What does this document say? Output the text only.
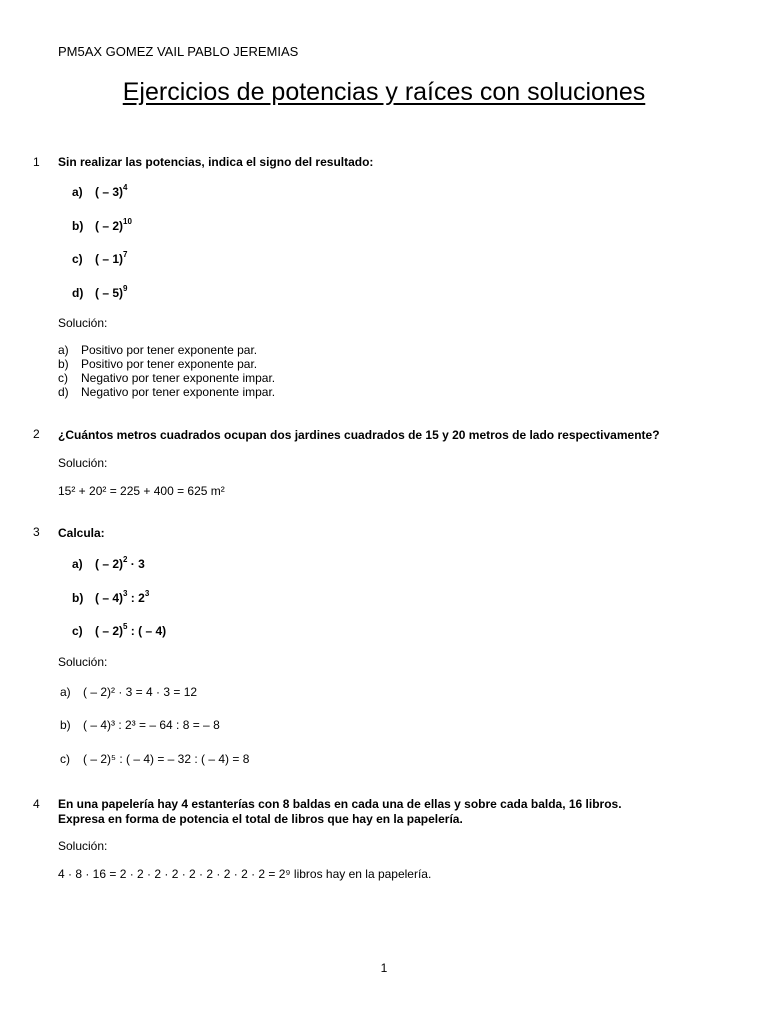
PM5AX GOMEZ VAIL PABLO JEREMIAS
Ejercicios de potencias y raíces con soluciones
1 Sin realizar las potencias, indica el signo del resultado:
a) ( – 3)$^4$
b) ( – 2)$^{10}$
c) ( – 1)$^7$
d) ( – 5)$^9$
Solución:
a) Positivo por tener exponente par.
b) Positivo por tener exponente par.
c) Negativo por tener exponente impar.
d) Negativo por tener exponente impar.
2 ¿Cuántos metros cuadrados ocupan dos jardines cuadrados de 15 y 20 metros de lado respectivamente?
Solución:
15² + 20² = 225 + 400 = 625 m²
3 Calcula:
a) ( – 2)$^2$ · 3
b) ( – 4)$^3$ : $2^3$
c) ( – 2)$^5$ : ( – 4)
Solución:
a) ( – 2)² · 3 = 4 · 3 = 12
b) ( – 4)³ : 2³ = – 64 : 8 = – 8
c) ( – 2)⁵ : ( – 4) = – 32 : ( – 4) = 8
4 En una papelería hay 4 estanterías con 8 baldas en cada una de ellas y sobre cada balda, 16 libros.
Expresa en forma de potencia el total de libros que hay en la papelería.
Solución:
4 · 8 · 16 = 2 · 2 · 2 · 2 · 2 · 2 · 2 · 2 · 2 = 2⁹ libros hay en la papelería.
1
